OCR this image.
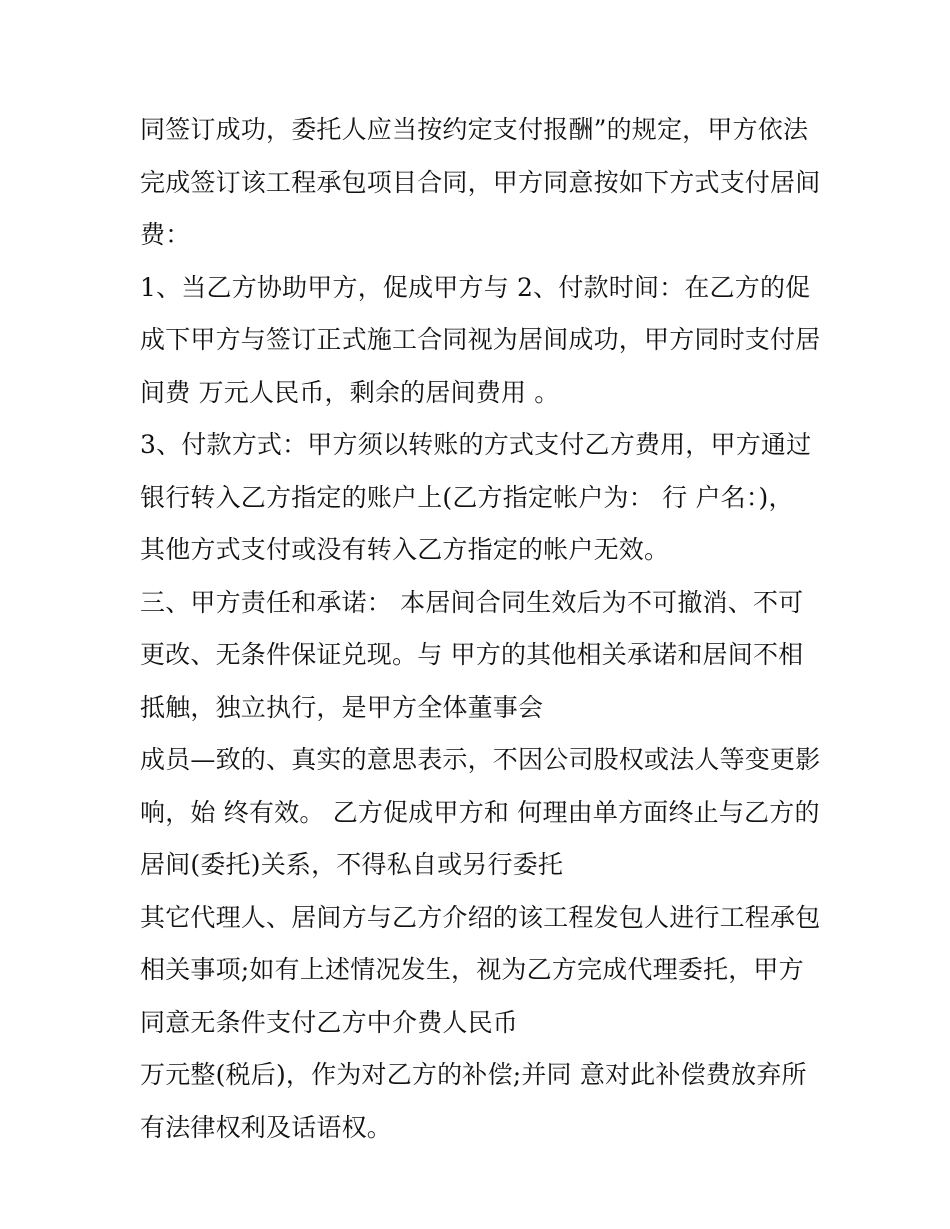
同签订成功，委托人应当按约定支付报酬”的规定，甲方依法
完成签订该工程承包项目合同，甲方同意按如下方式支付居间
费：
1、当乙方协助甲方，促成甲方与 2、付款时间：在乙方的促
成下甲方与签订正式施工合同视为居间成功，甲方同时支付居
间费 万元人民币，剩余的居间费用 。
3、付款方式：甲方须以转账的方式支付乙方费用，甲方通过
银行转入乙方指定的账户上(乙方指定帐户为： 行 户名：)，
其他方式支付或没有转入乙方指定的帐户无效。
三、甲方责任和承诺： 本居间合同生效后为不可撤消、不可
更改、无条件保证兑现。与 甲方的其他相关承诺和居间不相
抵触，独立执行，是甲方全体董事会
成员—致的、真实的意思表示，不因公司股权或法人等变更影
响，始 终有效。 乙方促成甲方和 何理由单方面终止与乙方的
居间(委托)关系，不得私自或另行委托
其它代理人、居间方与乙方介绍的该工程发包人进行工程承包
相关事项;如有上述情况发生，视为乙方完成代理委托，甲方
同意无条件支付乙方中介费人民币
万元整(税后)，作为对乙方的补偿;并同 意对此补偿费放弃所
有法律权利及话语权。
